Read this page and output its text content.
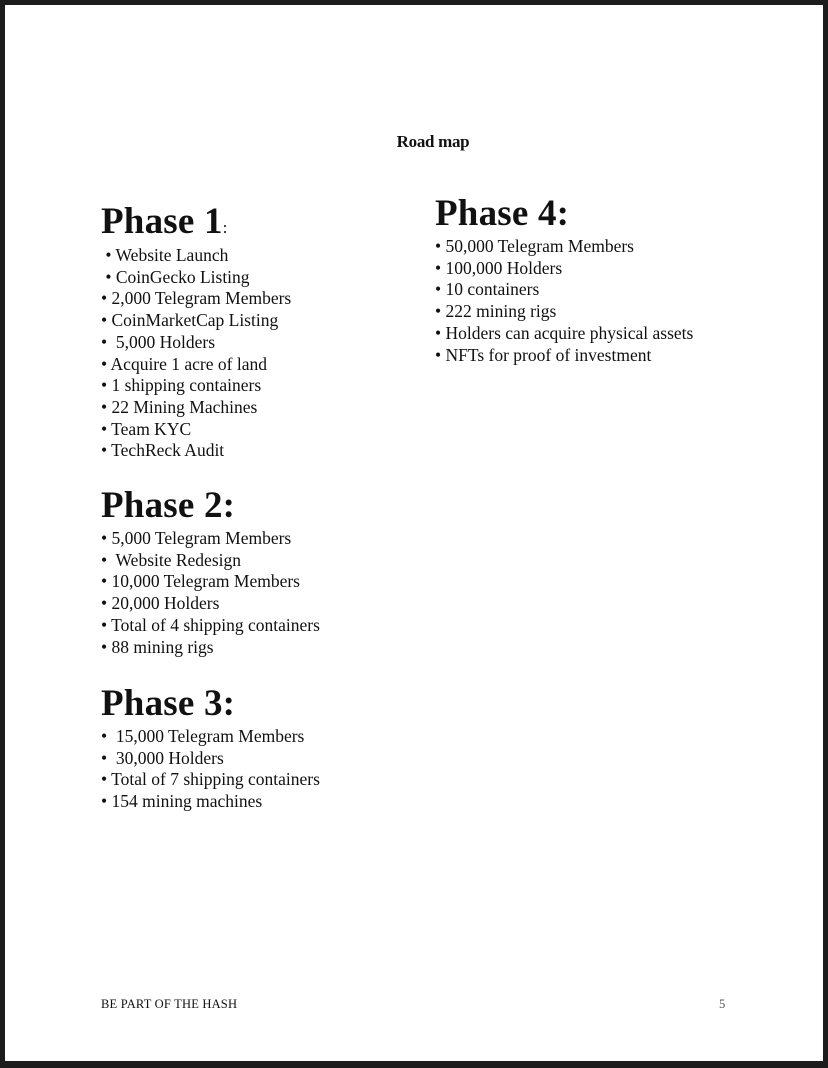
Road map
Phase 1:
• Website Launch
• CoinGecko Listing
• 2,000 Telegram Members
• CoinMarketCap Listing
•  5,000 Holders
• Acquire 1 acre of land
• 1 shipping containers
• 22 Mining Machines
• Team KYC
• TechReck Audit
Phase 2:
• 5,000 Telegram Members
•  Website Redesign
• 10,000 Telegram Members
• 20,000 Holders
• Total of 4 shipping containers
• 88 mining rigs
Phase 3:
•  15,000 Telegram Members
•  30,000 Holders
• Total of 7 shipping containers
• 154 mining machines
Phase 4:
• 50,000 Telegram Members
• 100,000 Holders
• 10 containers
• 222 mining rigs
• Holders can acquire physical assets
• NFTs for proof of investment
BE PART OF THE HASH	5
